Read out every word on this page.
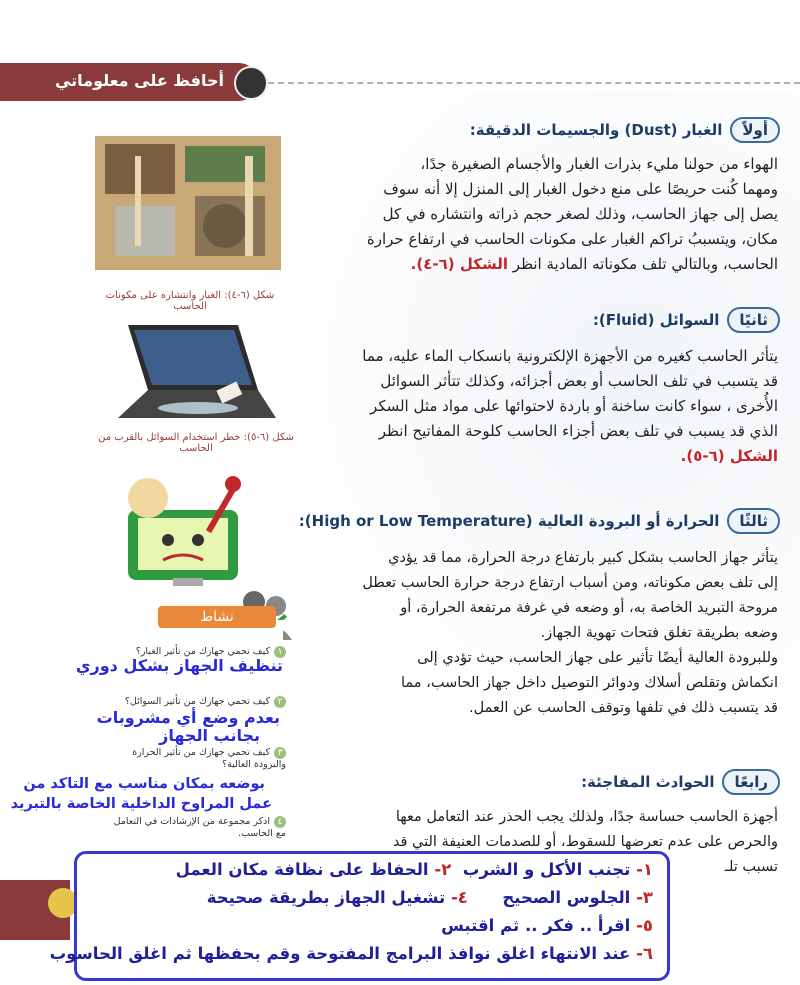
أحافظ على معلوماتي
أولاً
الغبار (Dust) والجسيمات الدقيقة:
الهواء من حولنا مليء بذرات الغبار والأجسام الصغيرة جدًا،
ومهما كُنت حريصًا على منع دخول الغبار إلى المنزل إلا أنه سوف
يصل إلى جهاز الحاسب، وذلك لصغر حجم ذراته وانتشاره في كل
مكان، ويتسببُ تراكم الغبار على مكونات الحاسب في ارتفاع حرارة
الحاسب، وبالتالي تلف مكوناته المادية انظر الشكل (٦-٤).
شكل (٦-٤): الغبار وانتشاره على مكونات الحاسب
ثانيًا
السوائل (Fluid):
يتأثر الحاسب كغيره من الأجهزة الإلكترونية بانسكاب الماء عليه، مما
قد يتسبب في تلف الحاسب أو بعض أجزائه، وكذلك تتأثر السوائل
الأُخرى ، سواء كانت ساخنة أو باردة لاحتوائها على مواد مثل السكر
الذي قد يسبب في تلف بعض أجزاء الحاسب كلوحة المفاتيح انظر
الشكل (٦-٥).
شكل (٦-٥): خطر استخدام السوائل بالقرب من الحاسب
ثالثًا
الحرارة أو البرودة العالية (High or Low Temperature):
يتأثر جهاز الحاسب بشكل كبير بارتفاع درجة الحرارة، مما قد يؤدي
إلى تلف بعض مكوناته، ومن أسباب ارتفاع درجة حرارة الحاسب تعطل
مروحة التبريد الخاصة به، أو وضعه في غرفة مرتفعة الحرارة، أو
وضعه بطريقة تغلق فتحات تهوية الجهاز.
وللبرودة العالية أيضًا تأثير على جهاز الحاسب، حيث تؤدي إلى
انكماش وتقلص أسلاك ودوائر التوصيل داخل جهاز الحاسب، مما
قد يتسبب ذلك في تلفها وتوقف الحاسب عن العمل.
رابعًا
الحوادث المفاجئة:
أجهزة الحاسب حساسة جدًا، ولذلك يجب الحذر عند التعامل معها
والحرص على عدم تعرضها للسقوط، أو للصدمات العنيفة التي قد
تسبب تلـ
نشاط
١كيف تحمي جهازك من تأثير الغبار؟
تنظيف الجهاز بشكل دوري
٢كيف تحمي جهازك من تأثير السوائل؟
بعدم وضع أي مشروبات
بجانب الجهاز
٣كيف تحمي جهازك من تأثير الحرارة والبرودة العالية؟
بوضعه بمكان مناسب مع التاكد من
عمل المراوح الداخلية الخاصة بالتبريد
٤اذكر مجموعة من الإرشادات في التعامل مع الحاسب.
١- تجنب الأكل و الشرب  ٢- الحفاظ على نظافة مكان العمل
٣- الجلوس الصحيح      ٤- تشغيل الجهاز بطريقة صحيحة
٥- اقرأ .. فكر .. ثم اقتبس
٦- عند الانتهاء اغلق نوافذ البرامج المفتوحة وقم بحفظها ثم اغلق الحاسوب
